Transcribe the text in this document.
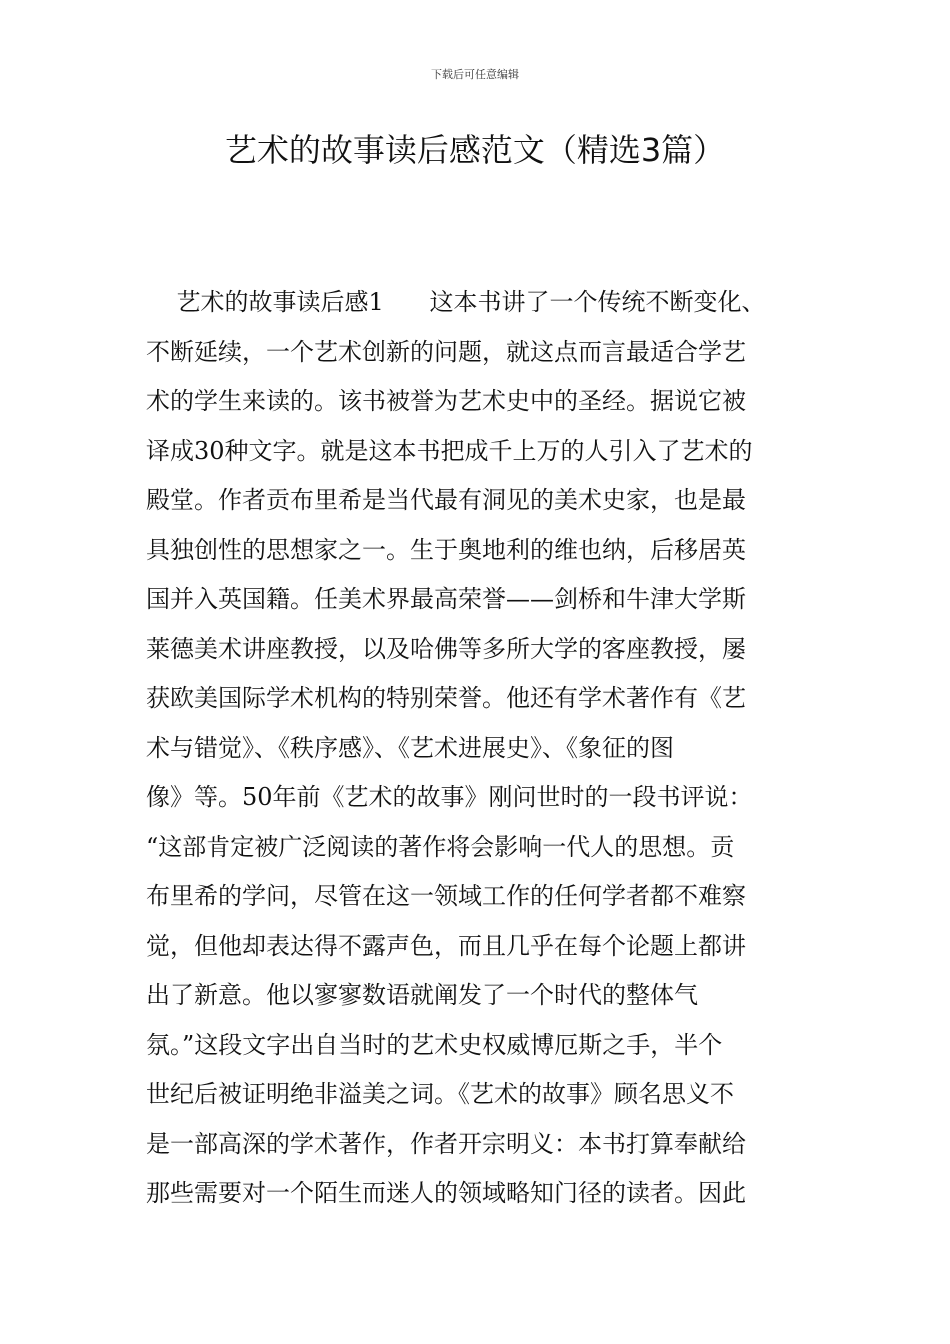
下载后可任意编辑
艺术的故事读后感范文（精选3篇）
艺术的故事读后感1      这本书讲了一个传统不断变化、
不断延续，一个艺术创新的问题，就这点而言最适合学艺
术的学生来读的。该书被誉为艺术史中的圣经。据说它被
译成30种文字。就是这本书把成千上万的人引入了艺术的
殿堂。作者贡布里希是当代最有洞见的美术史家，也是最
具独创性的思想家之一。生于奥地利的维也纳，后移居英
国并入英国籍。任美术界最高荣誉——剑桥和牛津大学斯
莱德美术讲座教授，以及哈佛等多所大学的客座教授，屡
获欧美国际学术机构的特别荣誉。他还有学术著作有《艺
术与错觉》、《秩序感》、《艺术进展史》、《象征的图
像》等。50年前《艺术的故事》刚问世时的一段书评说：
“这部肯定被广泛阅读的著作将会影响一代人的思想。贡
布里希的学问，尽管在这一领域工作的任何学者都不难察
觉，但他却表达得不露声色，而且几乎在每个论题上都讲
出了新意。他以寥寥数语就阐发了一个时代的整体气
氛。”这段文字出自当时的艺术史权威博厄斯之手，半个
世纪后被证明绝非溢美之词。《艺术的故事》顾名思义不
是一部高深的学术著作，作者开宗明义：本书打算奉献给
那些需要对一个陌生而迷人的领域略知门径的读者。因此
